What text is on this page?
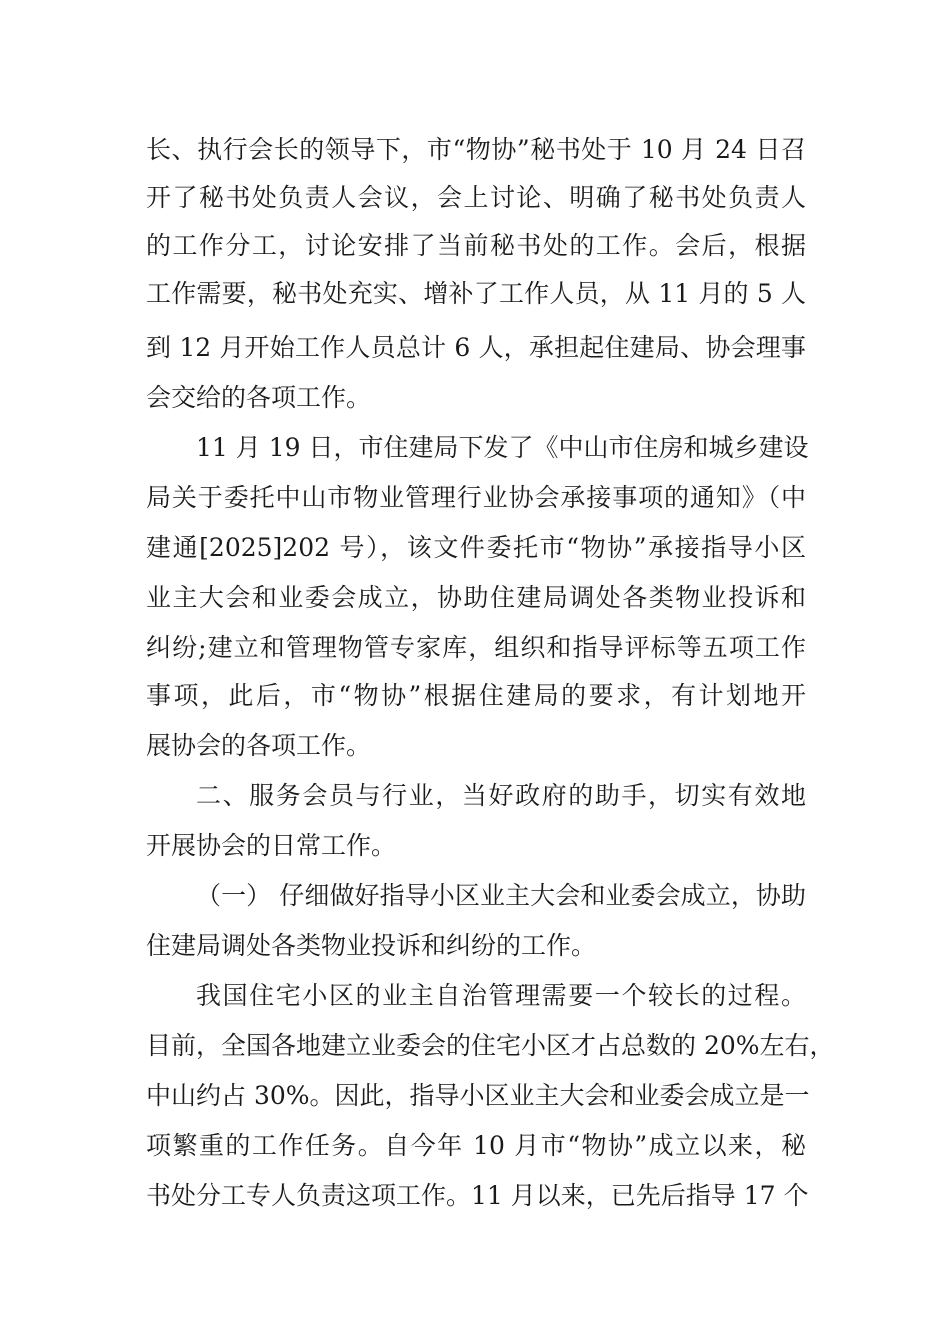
长、执行会长的领导下，市“物协”秘书处于 10 月 24 日召
开了秘书处负责人会议，会上讨论、明确了秘书处负责人
的工作分工，讨论安排了当前秘书处的工作。会后，根据
工作需要，秘书处充实、增补了工作人员，从 11 月的 5 人
到 12 月开始工作人员总计 6 人，承担起住建局、协会理事
会交给的各项工作。
11 月 19 日，市住建局下发了《中山市住房和城乡建设
局关于委托中山市物业管理行业协会承接事项的通知》（中
建通[2025]202 号），该文件委托市“物协”承接指导小区
业主大会和业委会成立，协助住建局调处各类物业投诉和
纠纷;建立和管理物管专家库，组织和指导评标等五项工作
事项，此后，市“物协”根据住建局的要求，有计划地开
展协会的各项工作。
二、服务会员与行业，当好政府的助手，切实有效地
开展协会的日常工作。
（一） 仔细做好指导小区业主大会和业委会成立，协助
住建局调处各类物业投诉和纠纷的工作。
我国住宅小区的业主自治管理需要一个较长的过程。
目前，全国各地建立业委会的住宅小区才占总数的 20%左右，
中山约占 30%。因此，指导小区业主大会和业委会成立是一
项繁重的工作任务。自今年 10 月市“物协”成立以来，秘
书处分工专人负责这项工作。11 月以来，已先后指导 17 个
